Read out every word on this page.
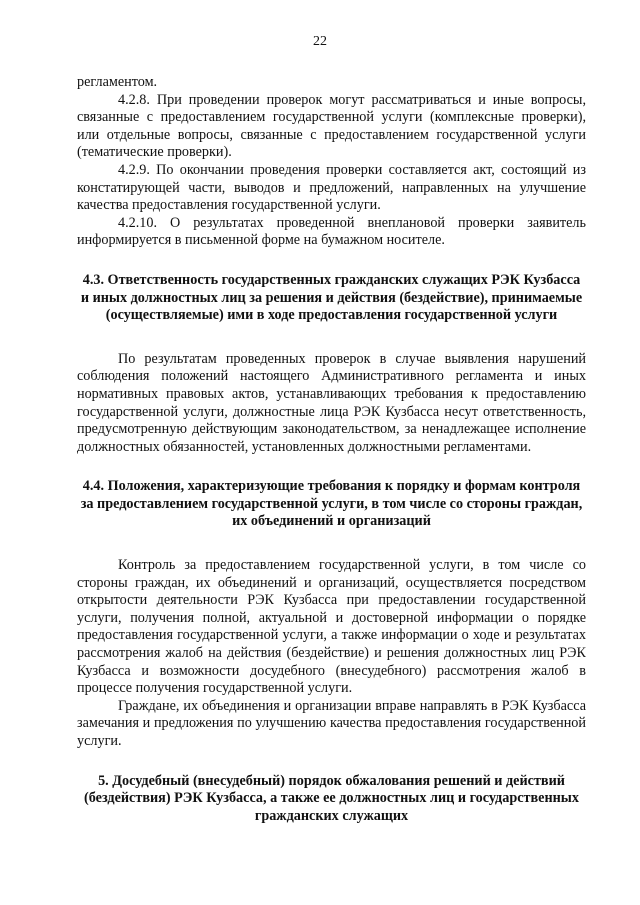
22

регламентом.

4.2.8. При проведении проверок могут рассматриваться и иные вопросы, связанные с предоставлением государственной услуги (комплексные проверки), или отдельные вопросы, связанные с предоставлением государственной услуги (тематические проверки).

4.2.9. По окончании проведения проверки составляется акт, состоящий из констатирующей части, выводов и предложений, направленных на улучшение качества предоставления государственной услуги.

4.2.10. О результатах проведенной внеплановой проверки заявитель информируется в письменной форме на бумажном носителе.

4.3. Ответственность государственных гражданских служащих РЭК Кузбасса и иных должностных лиц за решения и действия (бездействие), принимаемые (осуществляемые) ими в ходе предоставления государственной услуги

По результатам проведенных проверок в случае выявления нарушений соблюдения положений настоящего Административного регламента и иных нормативных правовых актов, устанавливающих требования к предоставлению государственной услуги, должностные лица РЭК Кузбасса несут ответственность, предусмотренную действующим законодательством, за ненадлежащее исполнение должностных обязанностей, установленных должностными регламентами.

4.4. Положения, характеризующие требования к порядку и формам контроля за предоставлением государственной услуги, в том числе со стороны граждан, их объединений и организаций

Контроль за предоставлением государственной услуги, в том числе со стороны граждан, их объединений и организаций, осуществляется посредством открытости деятельности РЭК Кузбасса при предоставлении государственной услуги, получения полной, актуальной и достоверной информации о порядке предоставления государственной услуги, а также информации о ходе и результатах рассмотрения жалоб на действия (бездействие) и решения должностных лиц РЭК Кузбасса и возможности досудебного (внесудебного) рассмотрения жалоб в процессе получения государственной услуги.

Граждане, их объединения и организации вправе направлять в РЭК Кузбасса замечания и предложения по улучшению качества предоставления государственной услуги.

5. Досудебный (внесудебный) порядок обжалования решений и действий (бездействия) РЭК Кузбасса, а также ее должностных лиц и государственных гражданских служащих
